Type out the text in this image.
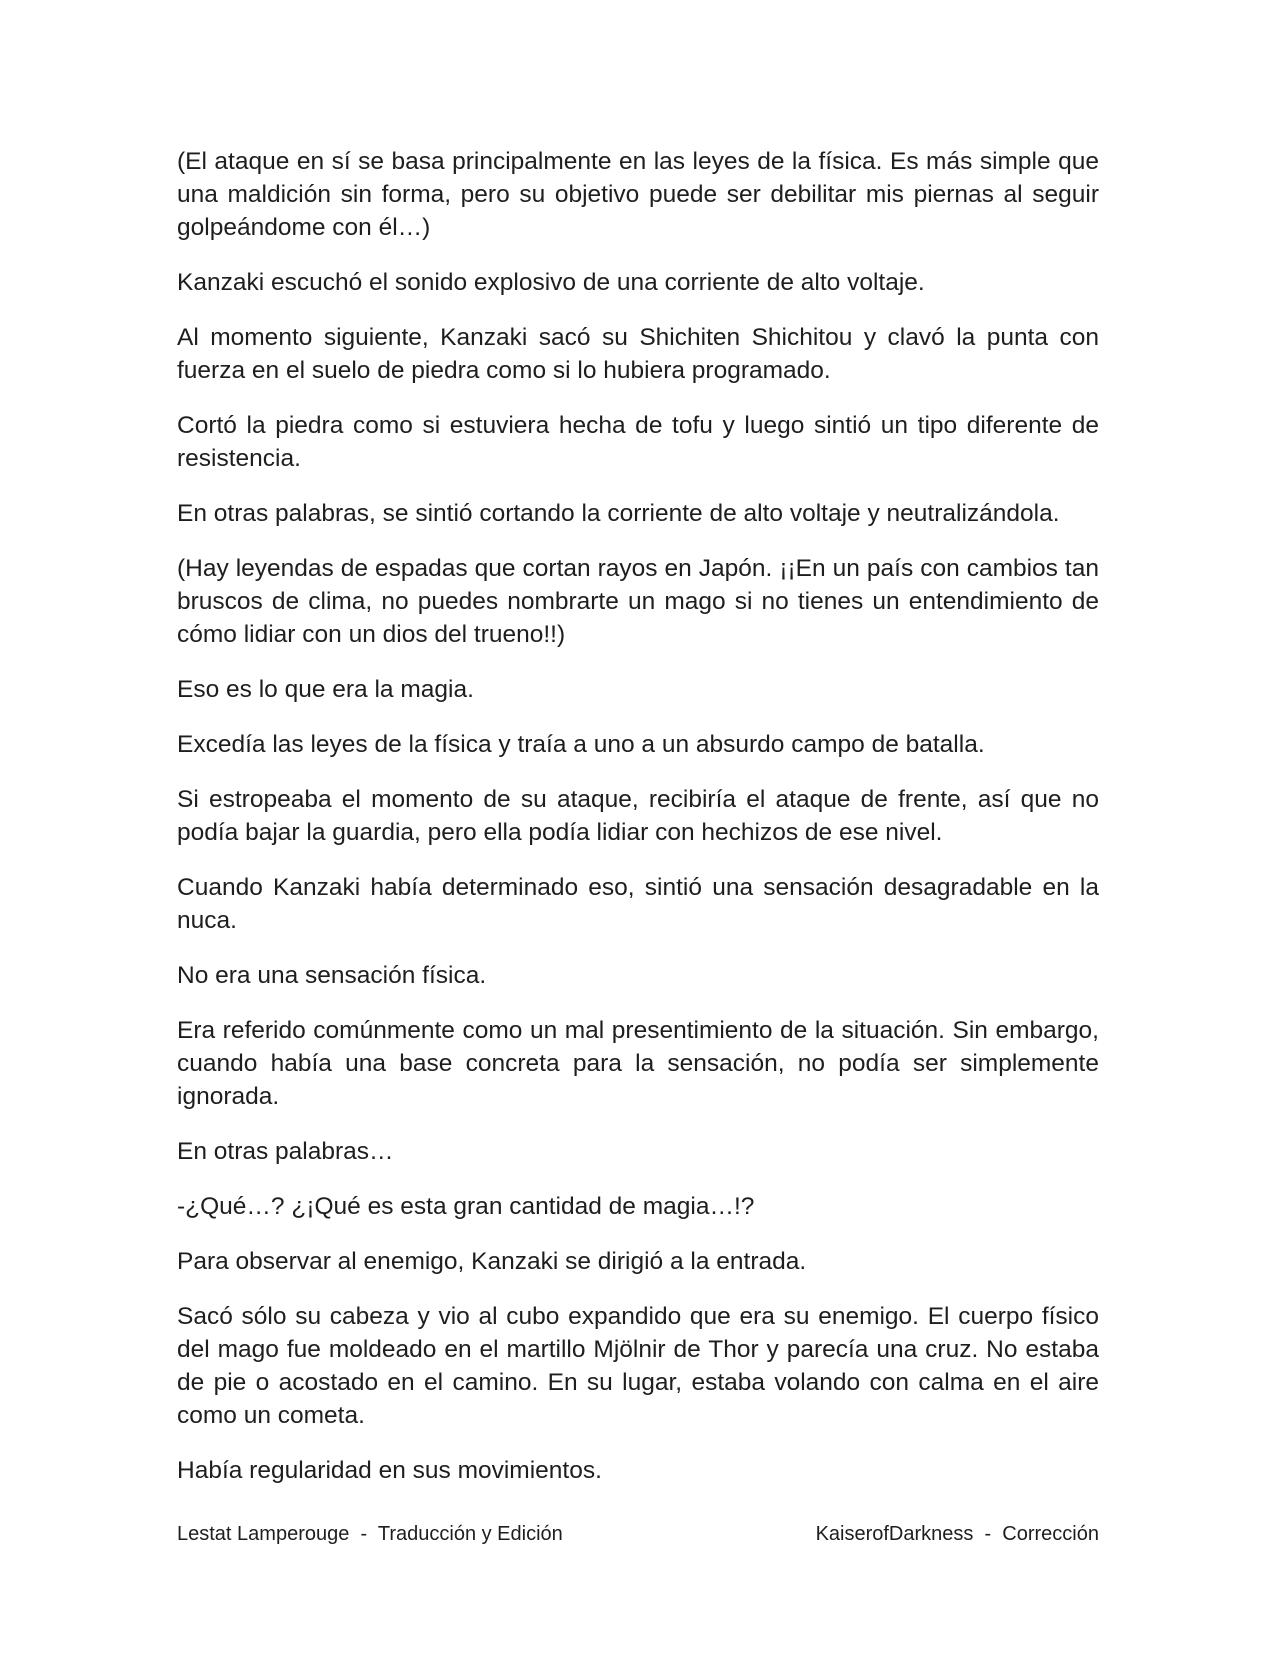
(El ataque en sí se basa principalmente en las leyes de la física. Es más simple que una maldición sin forma, pero su objetivo puede ser debilitar mis piernas al seguir golpeándome con él…)

Kanzaki escuchó el sonido explosivo de una corriente de alto voltaje.

Al momento siguiente, Kanzaki sacó su Shichiten Shichitou y clavó la punta con fuerza en el suelo de piedra como si lo hubiera programado.

Cortó la piedra como si estuviera hecha de tofu y luego sintió un tipo diferente de resistencia.

En otras palabras, se sintió cortando la corriente de alto voltaje y neutralizándola.

(Hay leyendas de espadas que cortan rayos en Japón. ¡¡En un país con cambios tan bruscos de clima, no puedes nombrarte un mago si no tienes un entendimiento de cómo lidiar con un dios del trueno!!)

Eso es lo que era la magia.

Excedía las leyes de la física y traía a uno a un absurdo campo de batalla.

Si estropeaba el momento de su ataque, recibiría el ataque de frente, así que no podía bajar la guardia, pero ella podía lidiar con hechizos de ese nivel.

Cuando Kanzaki había determinado eso, sintió una sensación desagradable en la nuca.

No era una sensación física.

Era referido comúnmente como un mal presentimiento de la situación. Sin embargo, cuando había una base concreta para la sensación, no podía ser simplemente ignorada.

En otras palabras…

-¿Qué…? ¿¡Qué es esta gran cantidad de magia…!?

Para observar al enemigo, Kanzaki se dirigió a la entrada.

Sacó sólo su cabeza y vio al cubo expandido que era su enemigo. El cuerpo físico del mago fue moldeado en el martillo Mjölnir de Thor y parecía una cruz. No estaba de pie o acostado en el camino. En su lugar, estaba volando con calma en el aire como un cometa.

Había regularidad en sus movimientos.

Lestat Lamperouge  -  Traducción y Edición	KaiserofDarkness  -  Corrección
